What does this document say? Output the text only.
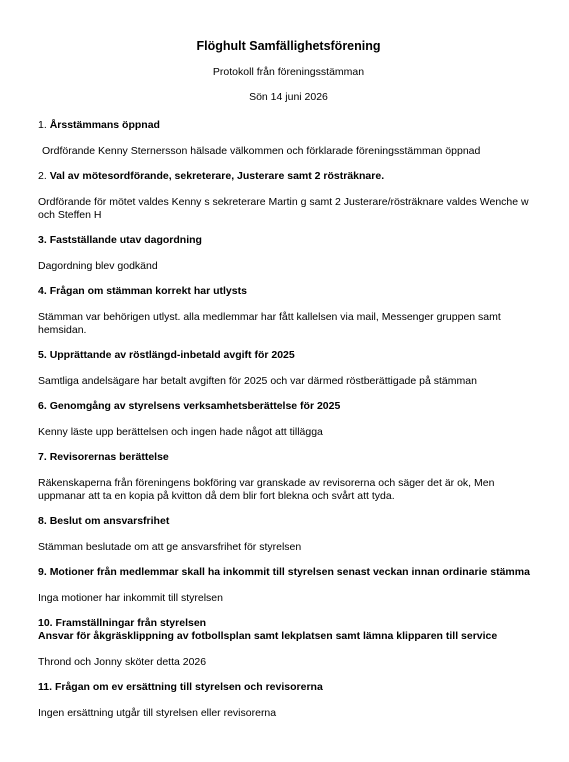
Flöghult Samfällighetsförening
Protokoll från föreningsstämman
Sön 14 juni 2026
1. Årsstämmans öppnad
Ordförande Kenny Sternersson hälsade välkommen och förklarade föreningsstämman öppnad
2. Val av mötesordförande, sekreterare, Justerare samt 2 rösträknare.
Ordförande för mötet valdes Kenny s sekreterare Martin g samt 2 Justerare/rösträknare valdes Wenche w och Steffen H
3. Fastställande utav dagordning
Dagordning blev godkänd
4. Frågan om stämman korrekt har utlysts
Stämman var behörigen utlyst. alla medlemmar har fått kallelsen via mail, Messenger gruppen samt hemsidan.
5. Upprättande av röstlängd-inbetald avgift för 2025
Samtliga andelsägare har betalt avgiften för 2025 och var därmed röstberättigade på stämman
6. Genomgång av styrelsens verksamhetsberättelse för 2025
Kenny läste upp berättelsen och ingen hade något att tillägga
7. Revisorernas berättelse
Räkenskaperna från föreningens bokföring var granskade av revisorerna och säger det är ok, Men uppmanar att ta en kopia på kvitton då dem blir fort blekna och svårt att tyda.
8. Beslut om ansvarsfrihet
Stämman beslutade om att ge ansvarsfrihet för styrelsen
9. Motioner från medlemmar skall ha inkommit till styrelsen senast veckan innan ordinarie stämma
Inga motioner har inkommit till styrelsen
10. Framställningar från styrelsen
Ansvar för åkgräsklippning av fotbollsplan samt lekplatsen samt lämna klipparen till service
Thrond och Jonny sköter detta 2026
11. Frågan om ev ersättning till styrelsen och revisorerna
Ingen ersättning utgår till styrelsen eller revisorerna
